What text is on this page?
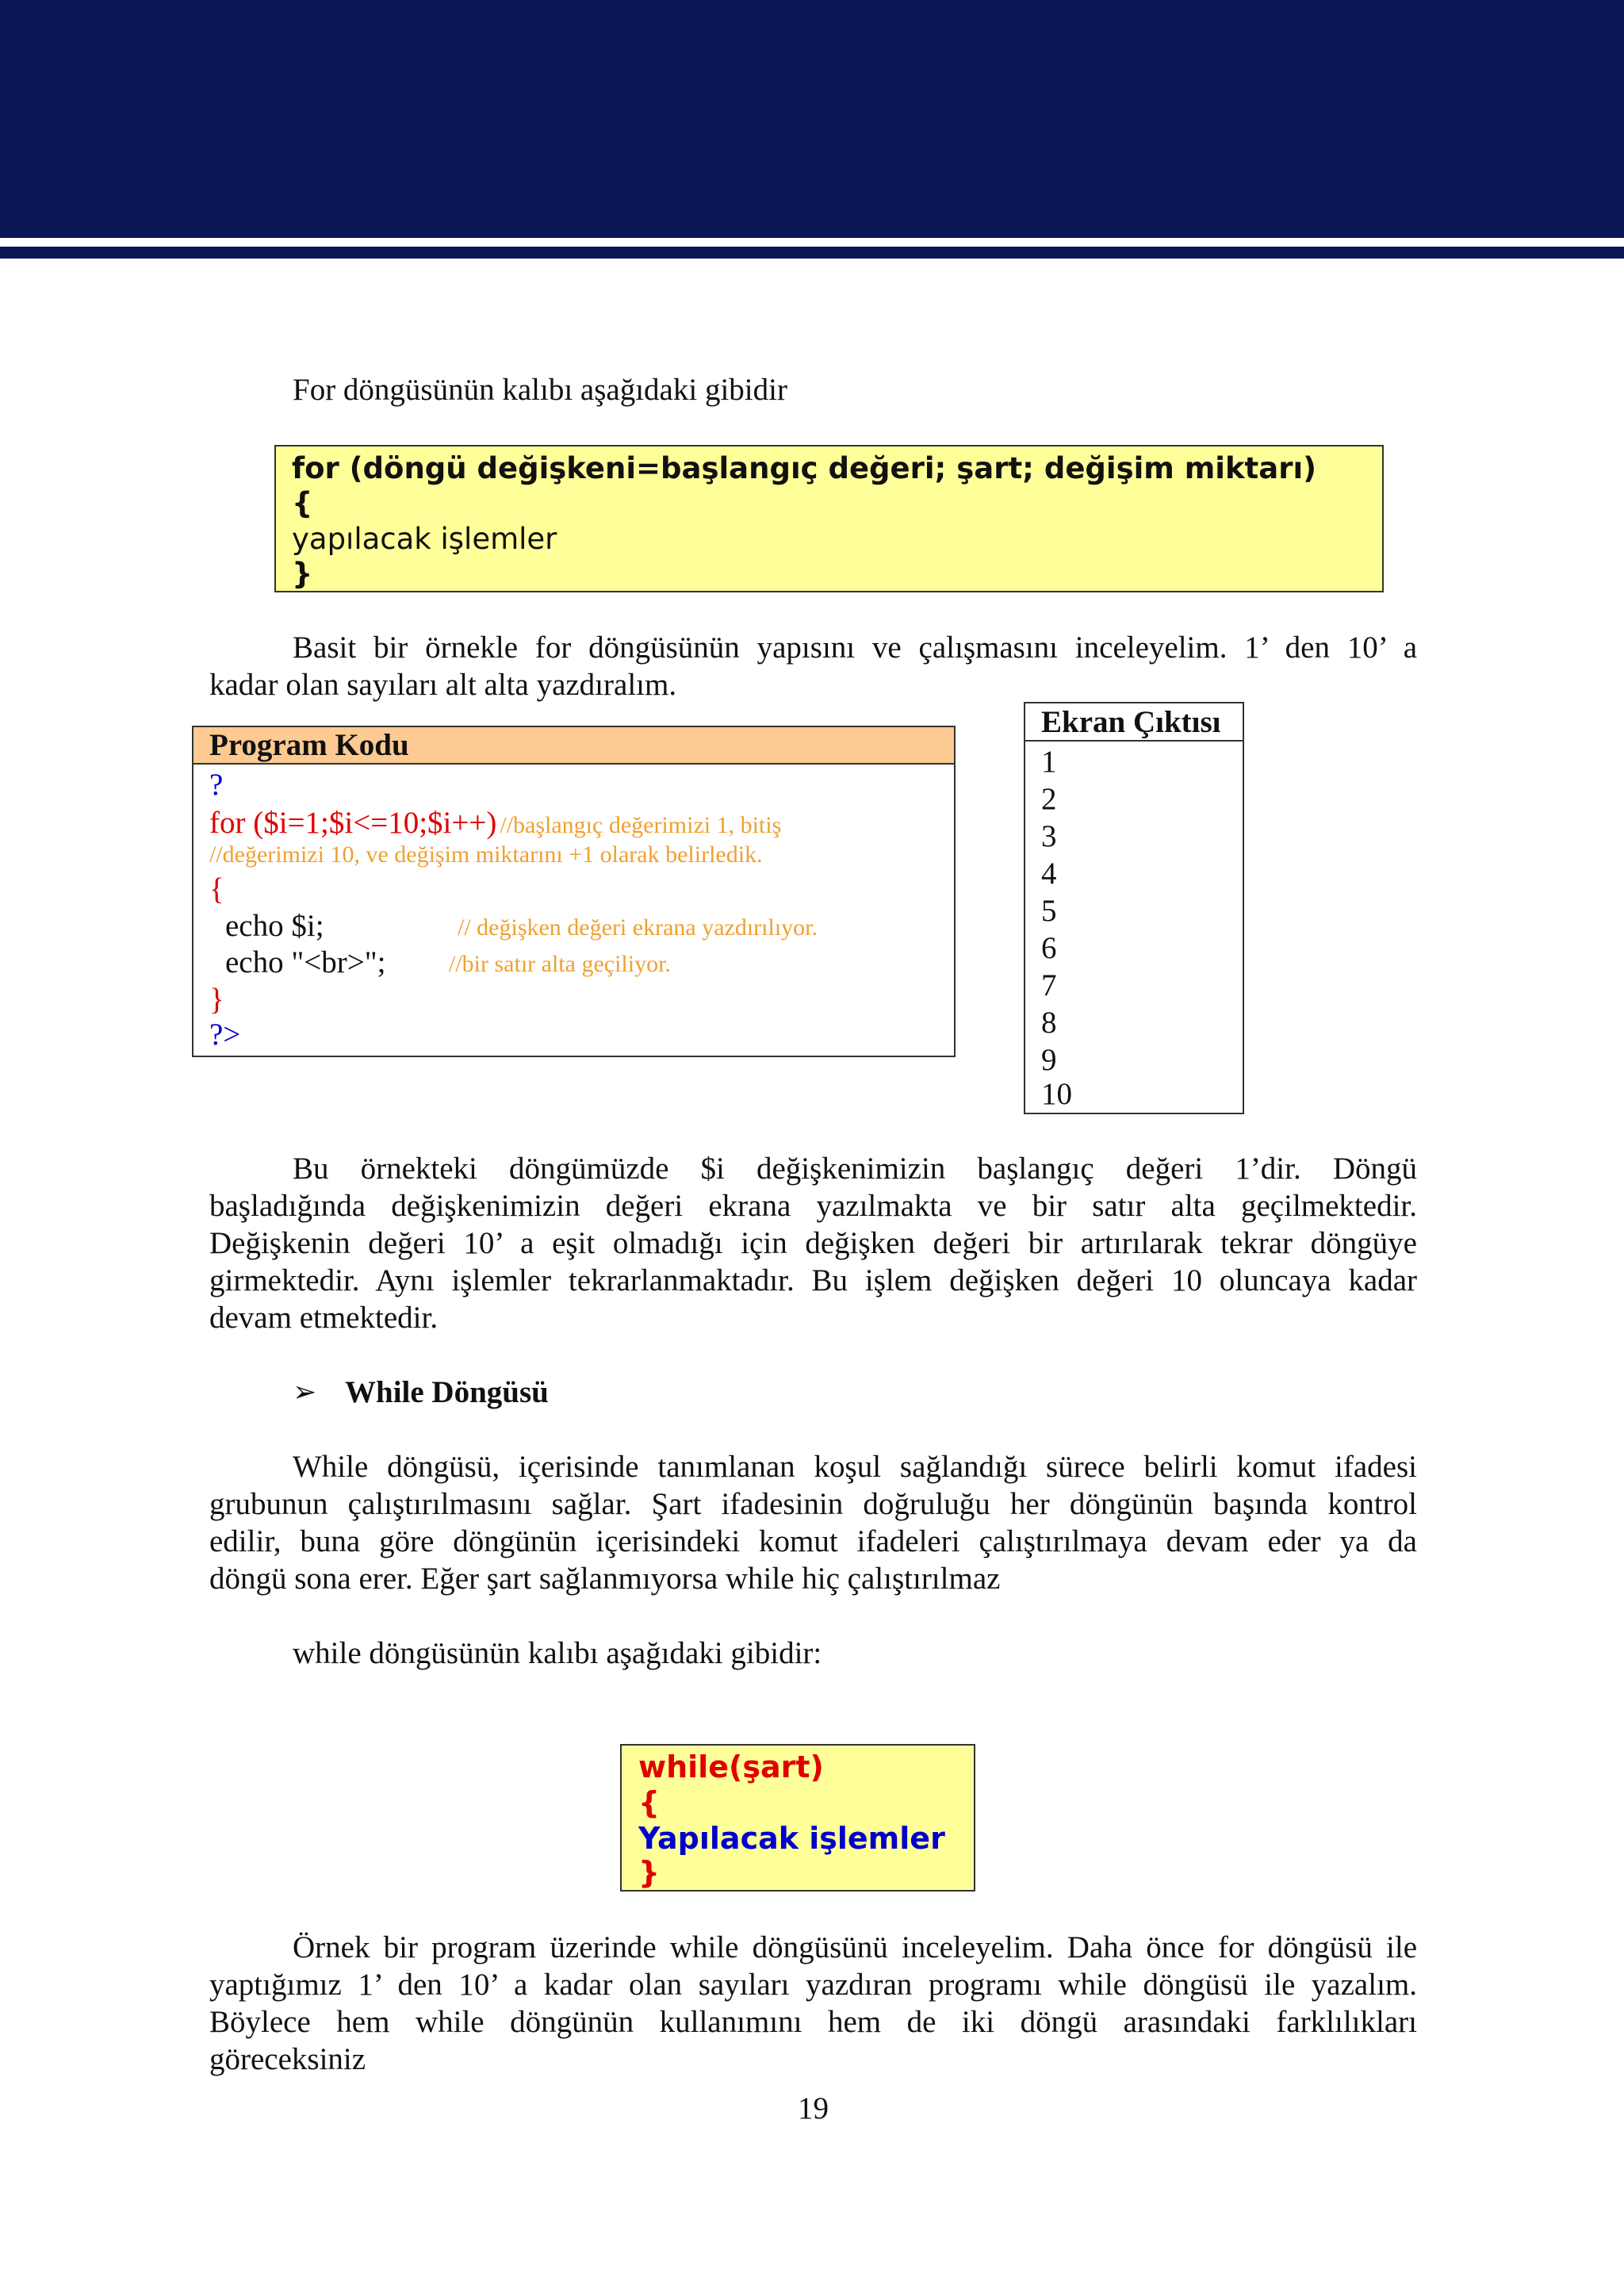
For döngüsünün kalıbı aşağıdaki gibidir

for (döngü değişkeni=başlangıç değeri; şart; değişim miktarı)
{
yapılacak işlemler
}

Basit bir örnekle for döngüsünün yapısını ve çalışmasını inceleyelim. 1’ den 10’ a

kadar olan sayıları alt alta yazdıralım.

Program Kodu
?
for ($i=1;$i<=10;$i++) //başlangıç değerimizi 1, bitiş
//değerimizi 10, ve değişim miktarını +1 olarak belirledik.
{
echo $i;	// değişken değeri ekrana yazdırılıyor.
echo "<br>";	//bir satır alta geçiliyor.
}
?>
Ekran Çıktısı
1
2
3
4
5
6
7
8
9
10

Bu örnekteki döngümüzde $i değişkenimizin başlangıç değeri 1’dir. Döngü

başladığında değişkenimizin değeri ekrana yazılmakta ve bir satır alta geçilmektedir.

Değişkenin değeri 10’ a eşit olmadığı için değişken değeri bir artırılarak tekrar döngüye

girmektedir. Aynı işlemler tekrarlanmaktadır. Bu işlem değişken değeri 10 oluncaya kadar

devam etmektedir.

➢ While Döngüsü

While döngüsü, içerisinde tanımlanan koşul sağlandığı sürece belirli komut ifadesi

grubunun çalıştırılmasını sağlar. Şart ifadesinin doğruluğu her döngünün başında kontrol

edilir, buna göre döngünün içerisindeki komut ifadeleri çalıştırılmaya devam eder ya da

döngü sona erer. Eğer şart sağlanmıyorsa while hiç çalıştırılmaz

while döngüsünün kalıbı aşağıdaki gibidir:

while(şart)
{
Yapılacak işlemler
}

Örnek bir program üzerinde while döngüsünü inceleyelim. Daha önce for döngüsü ile

yaptığımız 1’ den 10’ a kadar olan sayıları yazdıran programı while döngüsü ile yazalım.

Böylece hem while döngünün kullanımını hem de iki döngü arasındaki farklılıkları

göreceksiniz

19
